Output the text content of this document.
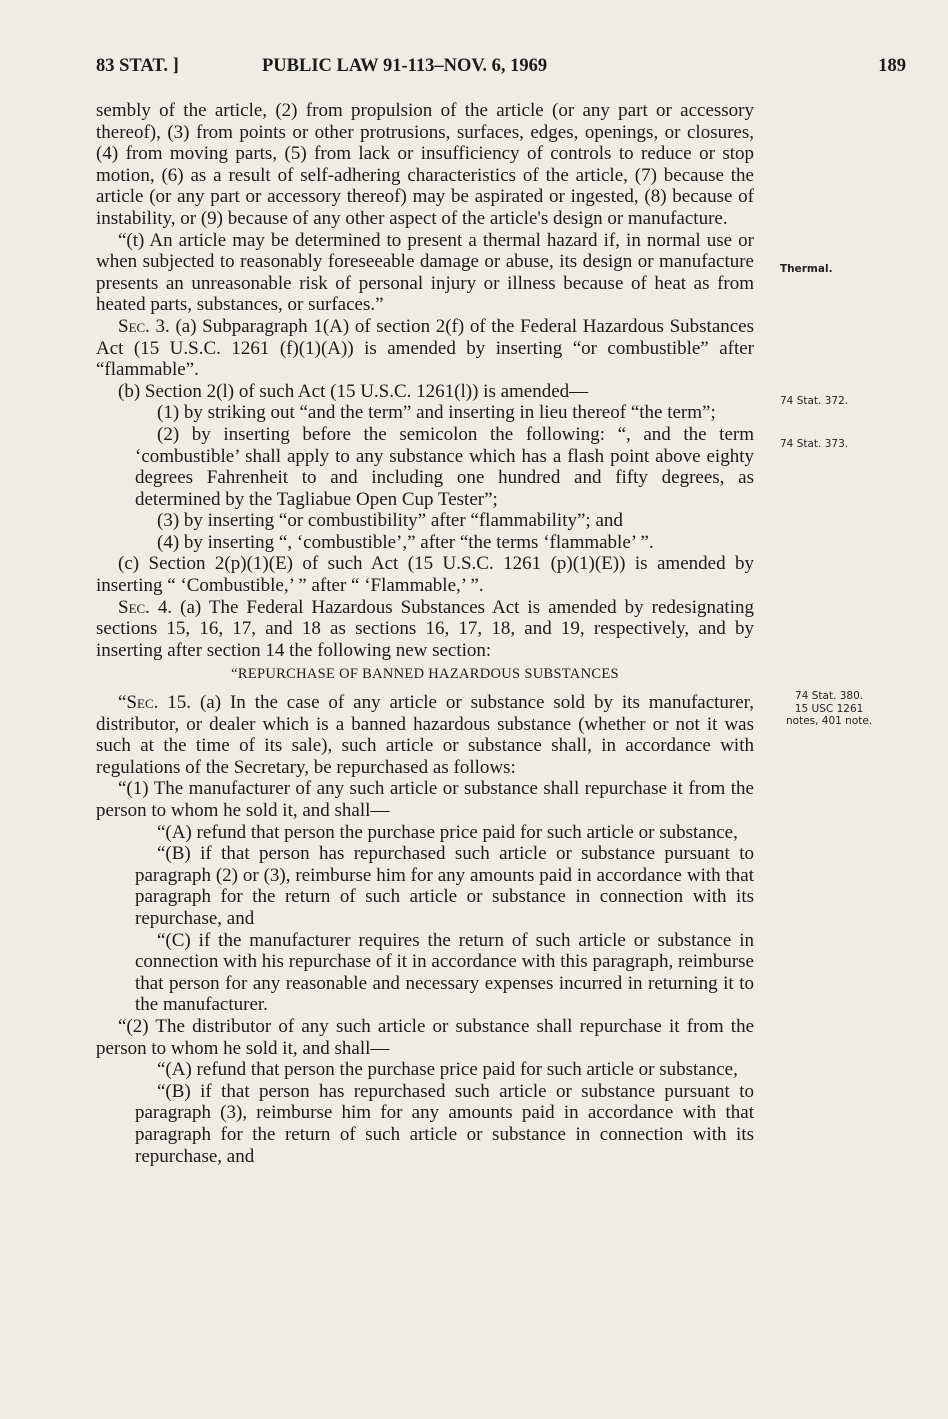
83 STAT. ]	PUBLIC LAW 91-113–NOV. 6, 1969	189
Thermal.
74 Stat. 372.
74 Stat. 373.
74 Stat. 380.
15 USC 1261
notes, 401 note.

sembly of the article, (2) from propulsion of the article (or any part or accessory thereof), (3) from points or other protrusions, surfaces, edges, openings, or closures, (4) from moving parts, (5) from lack or insufficiency of controls to reduce or stop motion, (6) as a result of self-adhering characteristics of the article, (7) because the article (or any part or accessory thereof) may be aspirated or ingested, (8) because of instability, or (9) because of any other aspect of the article's design or manufacture.

“(t) An article may be determined to present a thermal hazard if, in normal use or when subjected to reasonably foreseeable damage or abuse, its design or manufacture presents an unreasonable risk of personal injury or illness because of heat as from heated parts, substances, or surfaces.”

Sec. 3. (a) Subparagraph 1(A) of section 2(f) of the Federal Hazardous Substances Act (15 U.S.C. 1261 (f)(1)(A)) is amended by inserting “or combustible” after “flammable”.

(b) Section 2(l) of such Act (15 U.S.C. 1261(l)) is amended—

(1) by striking out “and the term” and inserting in lieu thereof “the term”;

(2) by inserting before the semicolon the following: “, and the term ‘combustible’ shall apply to any substance which has a flash point above eighty degrees Fahrenheit to and including one hundred and fifty degrees, as determined by the Tagliabue Open Cup Tester”;

(3) by inserting “or combustibility” after “flammability”; and

(4) by inserting “, ‘combustible’,” after “the terms ‘flammable’ ”.

(c) Section 2(p)(1)(E) of such Act (15 U.S.C. 1261 (p)(1)(E)) is amended by inserting “ ‘Combustible,’ ” after “ ‘Flammable,’ ”.

Sec. 4. (a) The Federal Hazardous Substances Act is amended by redesignating sections 15, 16, 17, and 18 as sections 16, 17, 18, and 19, respectively, and by inserting after section 14 the following new section:

“REPURCHASE OF BANNED HAZARDOUS SUBSTANCES

“Sec. 15. (a) In the case of any article or substance sold by its manufacturer, distributor, or dealer which is a banned hazardous substance (whether or not it was such at the time of its sale), such article or substance shall, in accordance with regulations of the Secretary, be repurchased as follows:

“(1) The manufacturer of any such article or substance shall repurchase it from the person to whom he sold it, and shall—

“(A) refund that person the purchase price paid for such article or substance,

“(B) if that person has repurchased such article or substance pursuant to paragraph (2) or (3), reimburse him for any amounts paid in accordance with that paragraph for the return of such article or substance in connection with its repurchase, and

“(C) if the manufacturer requires the return of such article or substance in connection with his repurchase of it in accordance with this paragraph, reimburse that person for any reasonable and necessary expenses incurred in returning it to the manufacturer.

“(2) The distributor of any such article or substance shall repurchase it from the person to whom he sold it, and shall—

“(A) refund that person the purchase price paid for such article or substance,

“(B) if that person has repurchased such article or substance pursuant to paragraph (3), reimburse him for any amounts paid in accordance with that paragraph for the return of such article or substance in connection with its repurchase, and
